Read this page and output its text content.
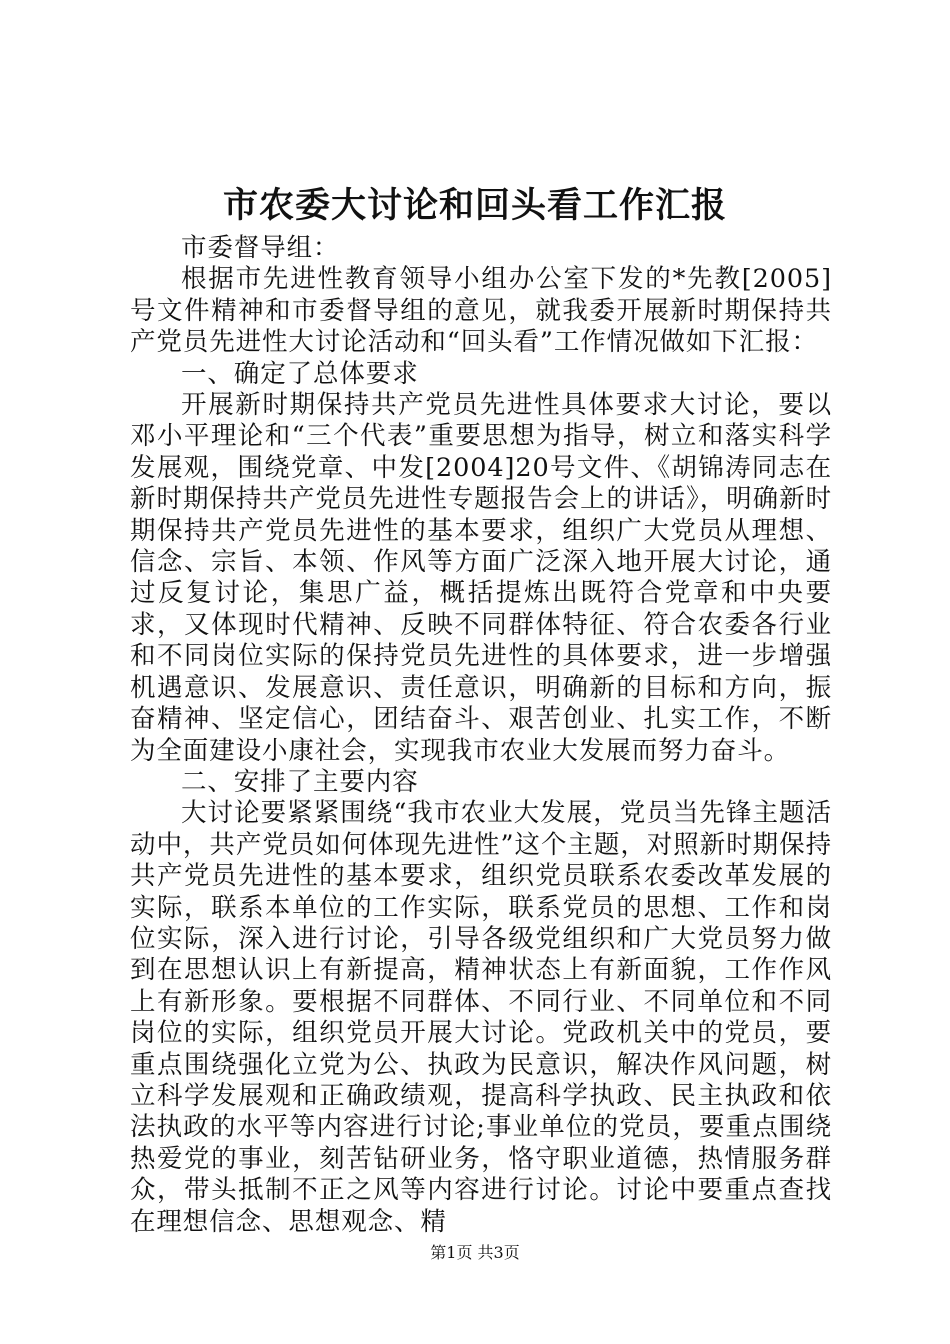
市农委大讨论和回头看工作汇报

市委督导组：

根据市先进性教育领导小组办公室下发的*先教[2005]号文件精神和市委督导组的意见，就我委开展新时期保持共产党员先进性大讨论活动和“回头看”工作情况做如下汇报：

一、确定了总体要求

开展新时期保持共产党员先进性具体要求大讨论，要以邓小平理论和“三个代表”重要思想为指导，树立和落实科学发展观，围绕党章、中发[2004]20号文件、《胡锦涛同志在新时期保持共产党员先进性专题报告会上的讲话》，明确新时期保持共产党员先进性的基本要求，组织广大党员从理想、信念、宗旨、本领、作风等方面广泛深入地开展大讨论，通过反复讨论，集思广益，概括提炼出既符合党章和中央要求，又体现时代精神、反映不同群体特征、符合农委各行业和不同岗位实际的保持党员先进性的具体要求，进一步增强机遇意识、发展意识、责任意识，明确新的目标和方向，振奋精神、坚定信心，团结奋斗、艰苦创业、扎实工作，不断为全面建设小康社会，实现我市农业大发展而努力奋斗。

二、安排了主要内容

大讨论要紧紧围绕“我市农业大发展，党员当先锋主题活动中，共产党员如何体现先进性”这个主题，对照新时期保持共产党员先进性的基本要求，组织党员联系农委改革发展的实际，联系本单位的工作实际，联系党员的思想、工作和岗位实际，深入进行讨论，引导各级党组织和广大党员努力做到在思想认识上有新提高，精神状态上有新面貌，工作作风上有新形象。要根据不同群体、不同行业、不同单位和不同岗位的实际，组织党员开展大讨论。党政机关中的党员，要重点围绕强化立党为公、执政为民意识，解决作风问题，树立科学发展观和正确政绩观，提高科学执政、民主执政和依法执政的水平等内容进行讨论;事业单位的党员，要重点围绕热爱党的事业，刻苦钻研业务，恪守职业道德，热情服务群众，带头抵制不正之风等内容进行讨论。讨论中要重点查找在理想信念、思想观念、精

第1页 共3页
